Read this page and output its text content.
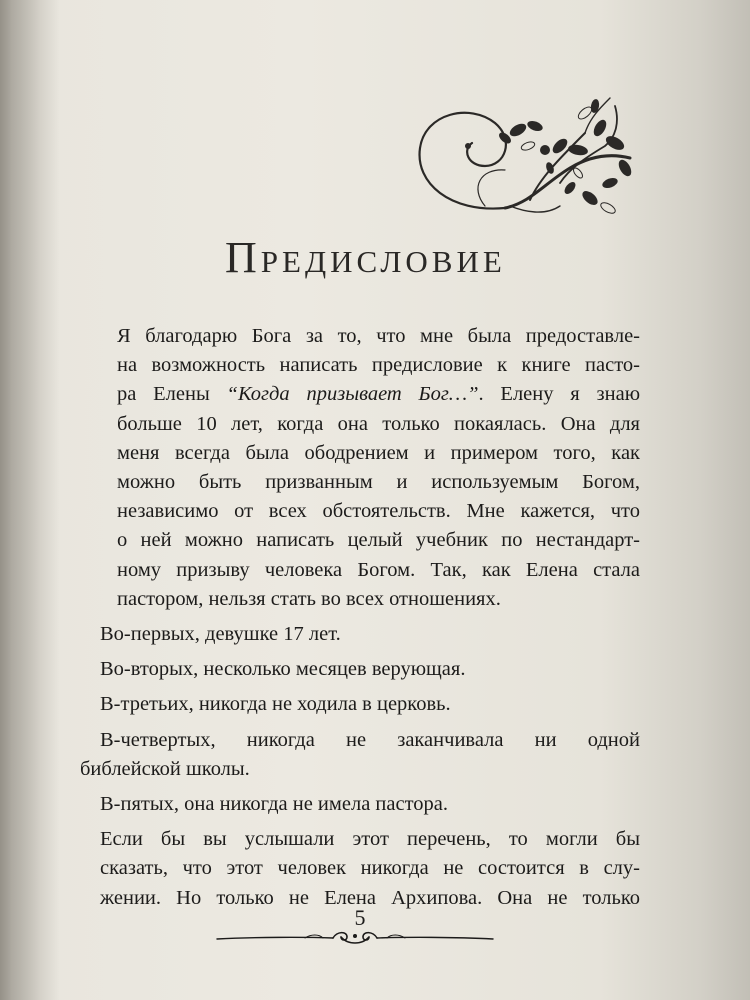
Предисловие

Я благодарю Бога за то, что мне была предоставле-
на возможность написать предисловие к книге пасто-
ра Елены “Когда призывает Бог…”. Елену я знаю
больше 10 лет, когда она только покаялась. Она для
меня всегда была ободрением и примером того, как
можно быть призванным и используемым Богом,
независимо от всех обстоятельств. Мне кажется, что
о ней можно написать целый учебник по нестандарт-
ному призыву человека Богом. Так, как Елена стала
пастором, нельзя стать во всех отношениях.

Во-первых, девушке 17 лет.

Во-вторых, несколько месяцев верующая.

В-третьих, никогда не ходила в церковь.

В-четвертых, никогда не заканчивала ни одной
библейской школы.

В-пятых, она никогда не имела пастора.

Если бы вы услышали этот перечень, то могли бы
сказать, что этот человек никогда не состоится в слу-
жении. Но только не Елена Архипова. Она не только

5
